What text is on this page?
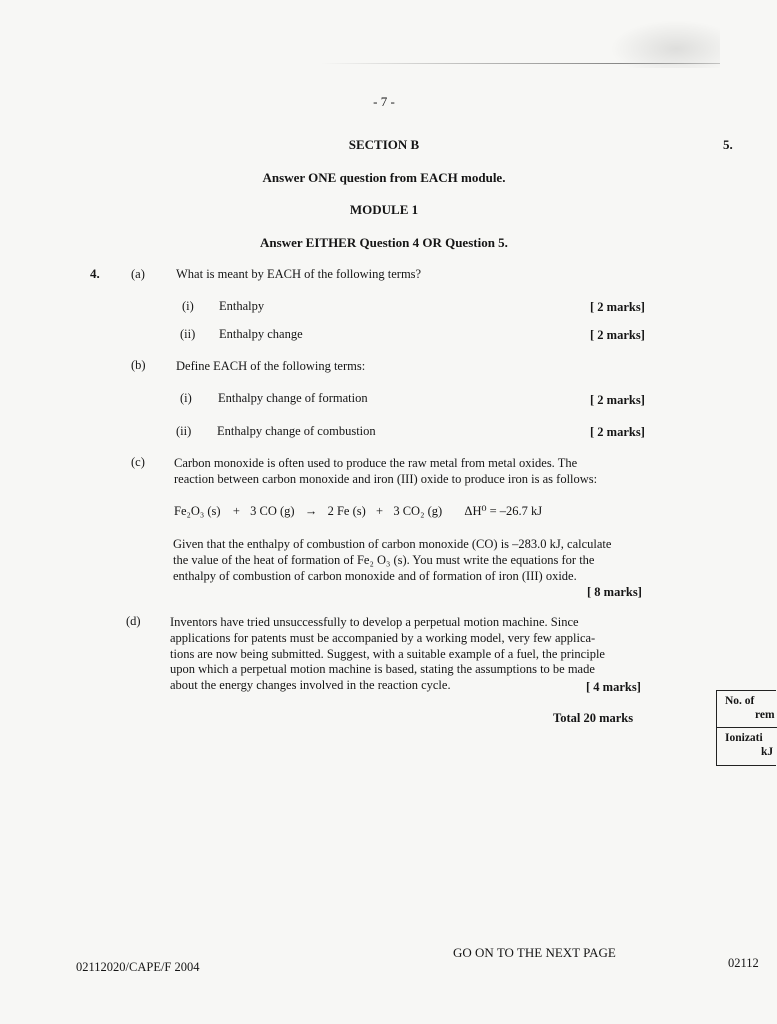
- 7 -
SECTION B	5.
Answer ONE question from EACH module.
MODULE 1
Answer EITHER Question 4 OR Question 5.
4.	(a) What is meant by EACH of the following terms?
(i) Enthalpy	[ 2 marks]
(ii) Enthalpy change	[ 2 marks]
(b) Define EACH of the following terms:
(i) Enthalpy change of formation	[ 2 marks]
(ii) Enthalpy change of combustion	[ 2 marks]
(c) Carbon monoxide is often used to produce the raw metal from metal oxides. The
reaction between carbon monoxide and iron (III) oxide to produce iron is as follows:
Fe₂O₃ (s) + 3 CO (g) → 2 Fe (s) + 3 CO₂ (g) ΔH⁰ = –26.7 kJ
Given that the enthalpy of combustion of carbon monoxide (CO) is –283.0 kJ, calculate
the value of the heat of formation of Fe₂ O₃ (s). You must write the equations for the
enthalpy of combustion of carbon monoxide and of formation of iron (III) oxide.
[ 8 marks]
(d) Inventors have tried unsuccessfully to develop a perpetual motion machine. Since
applications for patents must be accompanied by a working model, very few applica-
tions are now being submitted. Suggest, with a suitable example of a fuel, the principle
upon which a perpetual motion machine is based, stating the assumptions to be made
about the energy changes involved in the reaction cycle.	[ 4 marks]
Total 20 marks
No. of
rem
Ionizati
kJ
GO ON TO THE NEXT PAGE
02112020/CAPE/F 2004	02112
